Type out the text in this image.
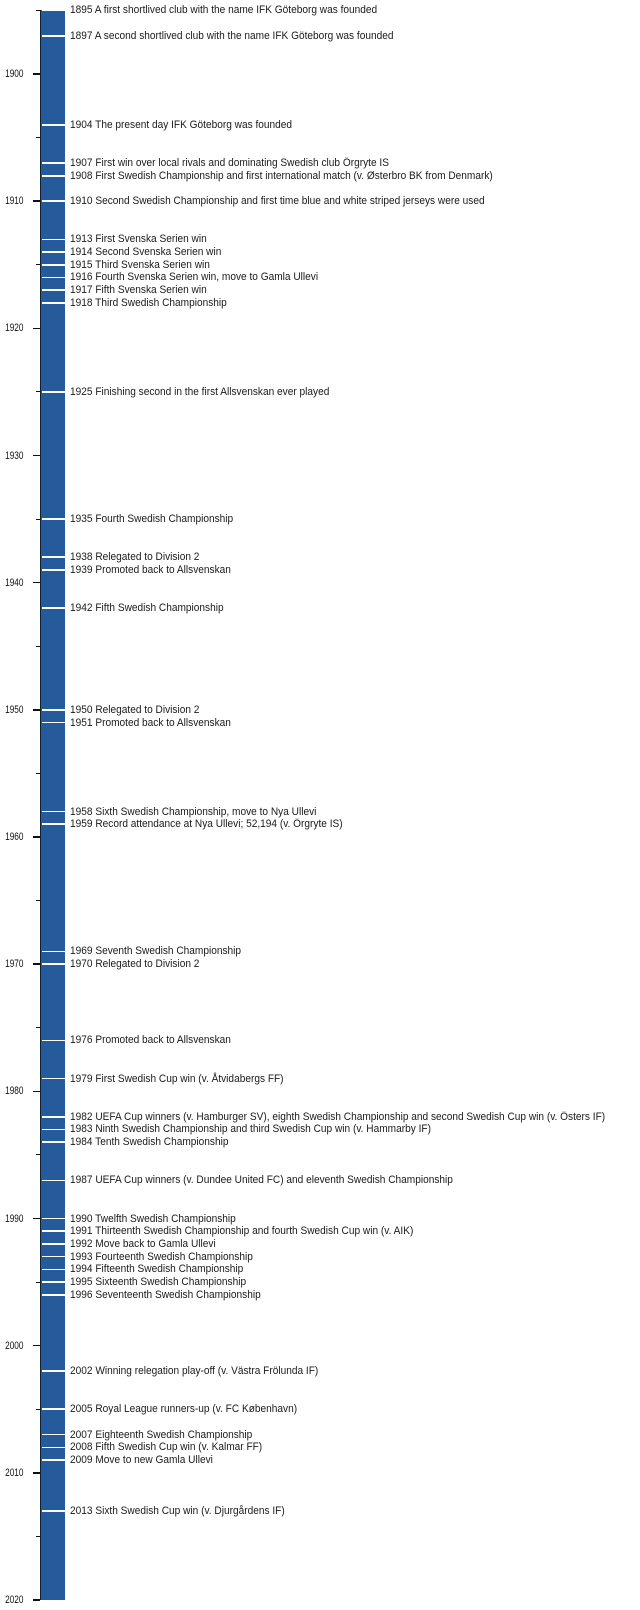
1900
1910
1920
1930
1940
1950
1960
1970
1980
1990
2000
2010
2020
1895 A first shortlived club with the name IFK Göteborg was founded
1897 A second shortlived club with the name IFK Göteborg was founded
1904 The present day IFK Göteborg was founded
1907 First win over local rivals and dominating Swedish club Örgryte IS
1908 First Swedish Championship and first international match (v. Østerbro BK from Denmark)
1910 Second Swedish Championship and first time blue and white striped jerseys were used
1913 First Svenska Serien win
1914 Second Svenska Serien win
1915 Third Svenska Serien win
1916 Fourth Svenska Serien win, move to Gamla Ullevi
1917 Fifth Svenska Serien win
1918 Third Swedish Championship
1925 Finishing second in the first Allsvenskan ever played
1935 Fourth Swedish Championship
1938 Relegated to Division 2
1939 Promoted back to Allsvenskan
1942 Fifth Swedish Championship
1950 Relegated to Division 2
1951 Promoted back to Allsvenskan
1958 Sixth Swedish Championship, move to Nya Ullevi
1959 Record attendance at Nya Ullevi; 52,194 (v. Örgryte IS)
1969 Seventh Swedish Championship
1970 Relegated to Division 2
1976 Promoted back to Allsvenskan
1979 First Swedish Cup win (v. Åtvidabergs FF)
1982 UEFA Cup winners (v. Hamburger SV), eighth Swedish Championship and second Swedish Cup win (v. Östers IF)
1983 Ninth Swedish Championship and third Swedish Cup win (v. Hammarby IF)
1984 Tenth Swedish Championship
1987 UEFA Cup winners (v. Dundee United FC) and eleventh Swedish Championship
1990 Twelfth Swedish Championship
1991 Thirteenth Swedish Championship and fourth Swedish Cup win (v. AIK)
1992 Move back to Gamla Ullevi
1993 Fourteenth Swedish Championship
1994 Fifteenth Swedish Championship
1995 Sixteenth Swedish Championship
1996 Seventeenth Swedish Championship
2002 Winning relegation play-off (v. Västra Frölunda IF)
2005 Royal League runners-up (v. FC København)
2007 Eighteenth Swedish Championship
2008 Fifth Swedish Cup win (v. Kalmar FF)
2009 Move to new Gamla Ullevi
2013 Sixth Swedish Cup win (v. Djurgårdens IF)
